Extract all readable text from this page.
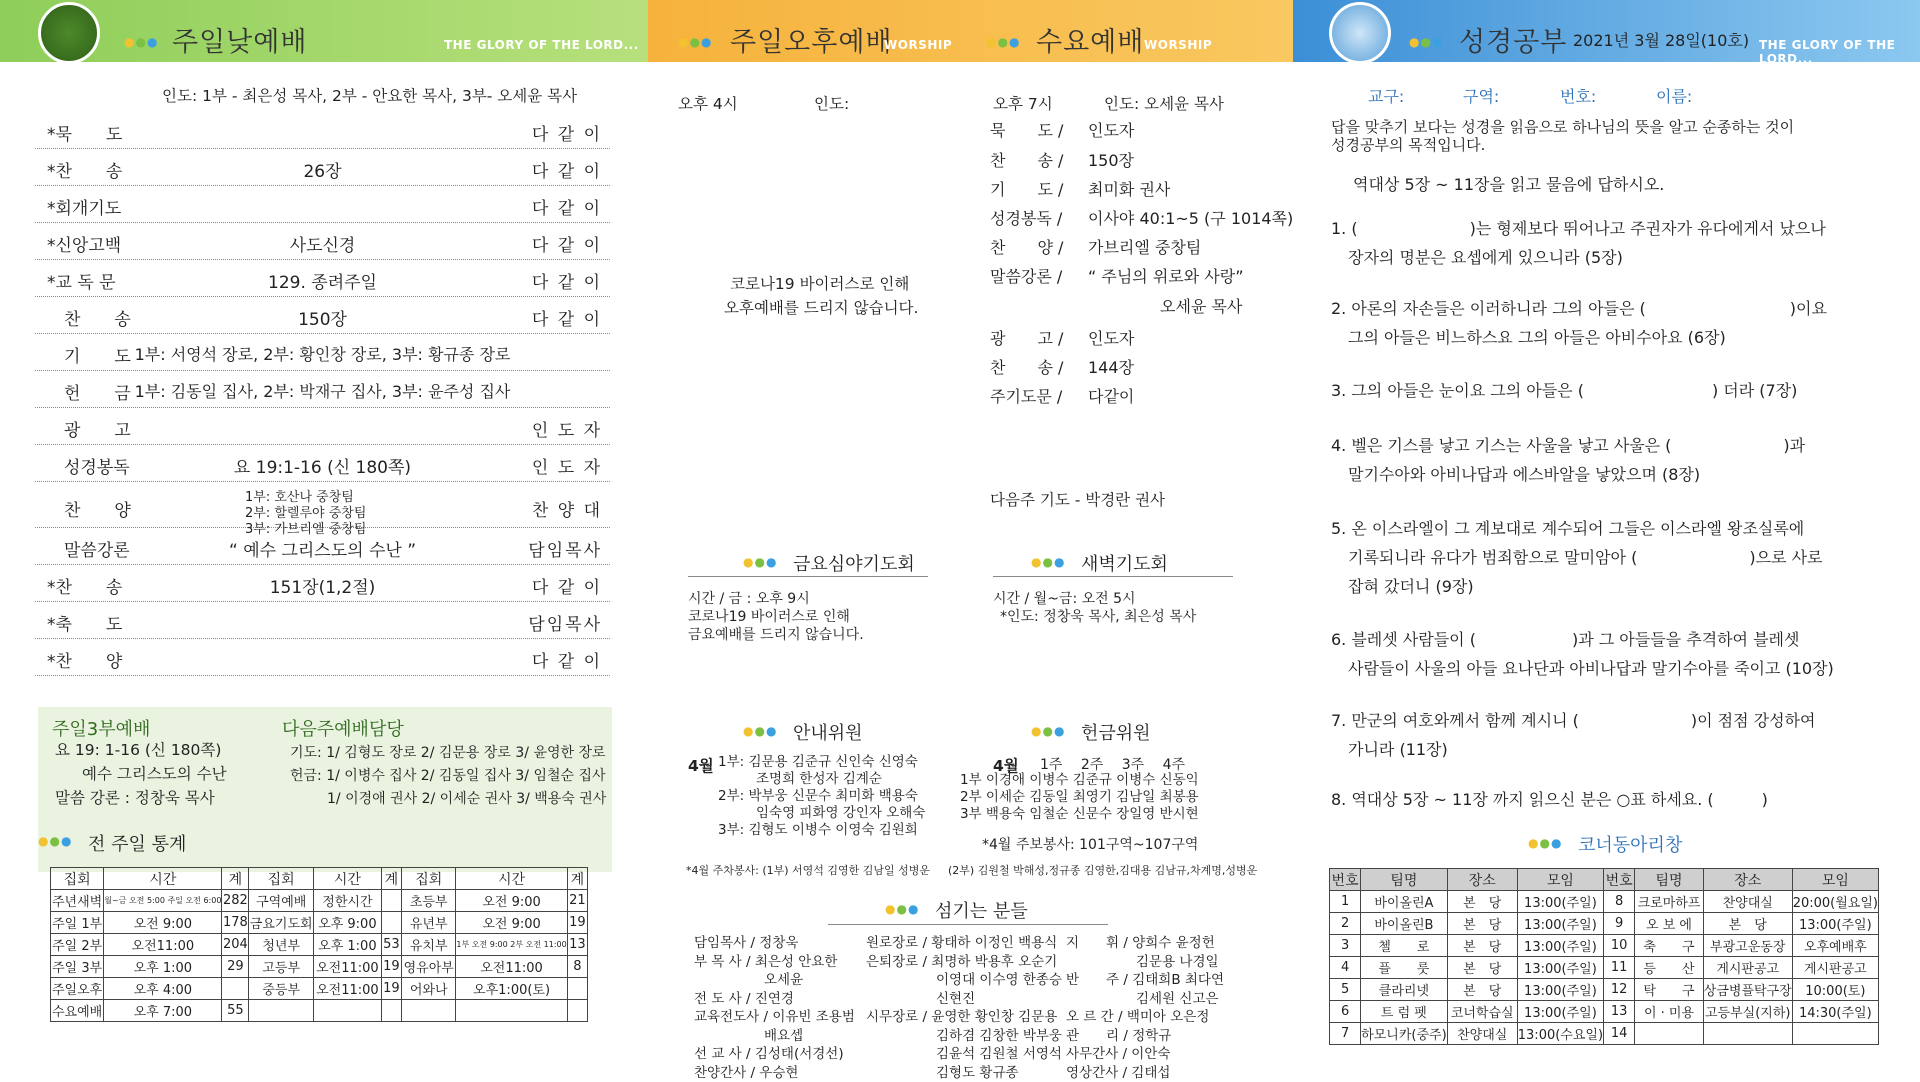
●●● 주일낮예배	THE GLORY OF THE LORD...	●●● 주일오후예배
WORSHIP	●●● 수요예배 WORSHIP	●●● 성경공부 2021년 3월 28일(10호) THE GLORY OF THE LORD...
인도: 1부 - 최은성 목사, 2부 - 안요한 목사, 3부- 오세윤 목사
*묵　　도	다 같 이
*찬　　송	26장	다 같 이
*회개기도	다 같 이
*신앙고백	사도신경	다 같 이
*교 독 문	129. 종려주일	다 같 이
　찬　　송	150장	다 같 이
　기　　도 1부: 서영석 장로, 2부: 황인창 장로, 3부: 황규종 장로
　헌　　금 1부: 김동일 집사, 2부: 박재구 집사, 3부: 윤주성 집사
　광　　고	인 도 자
　성경봉독	요 19:1-16 (신 180쪽)	인 도 자
　찬　　양	찬 양 대
　말씀강론	“ 예수 그리스도의 수난 ”	담임목사
*찬　　송	151장(1,2절)	다 같 이
*축　　도	담임목사
*찬　　양	다 같 이
1부: 호산나 중창팀
2부: 할렐루야 중창팀
3부: 가브리엘 중창팀
주일3부예배
요 19: 1-16 (신 180쪽)
예수 그리스도의 수난
말씀 강론 : 정창욱 목사
다음주예배담당
기도: 1/ 김형도 장로 2/ 김문용 장로 3/ 윤영한 장로
헌금: 1/ 이병수 집사 2/ 김동일 집사 3/ 임철순 집사
1/ 이경애 권사 2/ 이세순 권사 3/ 백용숙 권사
●●● 전 주일 통계
집회	시간	계	집회	시간	계	집회	시간	계
주년새벽	월~금 오전 5:00 주일 오전 6:00	282	구역예배	정한시간		초등부	오전 9:00	21
주일 1부	오전 9:00	178	금요기도회	오후 9:00		유년부	오전 9:00	19
주일 2부	오전11:00	204	청년부	오후 1:00	53	유치부	1부 오전 9:00 2부 오전 11:00	13
주일 3부	오후 1:00	29	고등부	오전11:00	19	영유아부	오전11:00	8
주일오후	오후 4:00		중등부	오전11:00	19	어와나	오후1:00(토)	
수요예배	오후 7:00	55						
오후 4시	인도:
코로나19 바이러스로 인해
오후예배를 드리지 않습니다.
오후 7시	인도: 오세윤 목사
묵　　도 / 인도자
찬　　송 / 150장
기　　도 / 최미화 권사
성경봉독 / 이사야 40:1~5 (구 1014쪽)
찬　　양 / 가브리엘 중창팀
말씀강론 / “ 주님의 위로와 사랑”
오세윤 목사
광　　고 / 인도자
찬　　송 / 144장
주기도문 / 다같이
다음주 기도 - 박경란 권사
●●● 금요심야기도회
시간 / 금 : 오후 9시
코로나19 바이러스로 인해
금요예배를 드리지 않습니다.
●●● 새벽기도회
시간 / 월~금: 오전 5시
*인도: 정창욱 목사, 최은성 목사
●●● 안내위원
4월 1부: 김문용 김준규 신인숙 신영숙
조명희 한성자 김계순
2부: 박부웅 신문수 최미화 백용숙
임숙영 피화영 강인자 오해숙
3부: 김형도 이병수 이영숙 김원희
*4월 주차봉사: (1부) 서영석 김영한 김남일 성병운
●●● 헌금위원
4월 1주　 2주　 3주　 4주
1부 이경애 이병수 김준규 이병수 신동익
2부 이세순 김동일 최영기 김남일 최봉용
3부 백용숙 임철순 신문수 장일영 반시현
*4월 주보봉사: 101구역~107구역
(2부) 김원철 박해성,정규종 김영한,김대용 김남규,차계명,성병운
●●● 섬기는 분들
담임목사 / 정창욱
부 목 사 / 최은성 안요한
오세윤
전 도 사 / 진연경
교육전도사 / 이유빈 조용범
배요셉
선 교 사 / 김성태(서경선)
찬양간사 / 우승현
원로장로 / 황태하 이정인 백용식
은퇴장로 / 최명하 박용후 오순기
이영대 이수영 한종승
신현진
시무장로 / 윤영한 황인창 김문용
김하겸 김창한 박부웅
김윤석 김원철 서영석
김형도 황규종
지　　휘 / 양희수 윤정헌
김문용 나경일
반　　주 / 김태희B 최다연
김세원 신고은
오 르 간 / 백미아 오은정
관　　리 / 정학규
사무간사 / 이안숙
영상간사 / 김태섭
교구:	구역:	번호:	이름:
답을 맞추기 보다는 성경을 읽음으로 하나님의 뜻을 알고 순종하는 것이
성경공부의 목적입니다.
역대상 5장 ~ 11장을 읽고 물음에 답하시오.
1. (　　　　　　　)는 형제보다 뛰어나고 주권자가 유다에게서 났으나
장자의 명분은 요셉에게 있으니라 (5장)
2. 아론의 자손들은 이러하니라 그의 아들은 (　　　　　　　　　)이요
그의 아들은 비느하스요 그의 아들은 아비수아요 (6장)
3. 그의 아들은 눈이요 그의 아들은 (　　　　　　　　) 더라 (7장)
4. 벨은 기스를 낳고 기스는 사울을 낳고 사울은 (　　　　　　　)과
말기수아와 아비나답과 에스바알을 낳았으며 (8장)
5. 온 이스라엘이 그 계보대로 계수되어 그들은 이스라엘 왕조실록에
기록되니라 유다가 범죄함으로 말미암아 (　　　　　　　)으로 사로
잡혀 갔더니 (9장)
6. 블레셋 사람들이 (　　　　　　)과 그 아들들을 추격하여 블레셋
사람들이 사울의 아들 요나단과 아비나답과 말기수아를 죽이고 (10장)
7. 만군의 여호와께서 함께 계시니 (　　　　　　　)이 점점 강성하여
가니라 (11장)
8. 역대상 5장 ~ 11장 까지 읽으신 분은 ○표 하세요. (　　　)
●●● 코너동아리창
번호	팀명	장소	모임	번호	팀명	장소	모임
1	바이올린A	본　당	13:00(주일)	8	크로마하프	찬양대실	20:00(월요일)
2	바이올린B	본　당	13:00(주일)	9	오 보 에	본　당	13:00(주일)
3	첼　　로	본　당	13:00(주일)	10	축　　구	부광고운동장	오후예배후
4	플　　룻	본　당	13:00(주일)	11	등　　산	게시판공고	게시판공고
5	클라리넷	본　당	13:00(주일)	12	탁　　구	상금병플탁구장	10:00(토)
6	트 럼 펫	코너학습실	13:00(주일)	13	이 · 미용	고등부실(지하)	14:30(주일)
7	하모니카(중주)	찬양대실	13:00(수요일)	14			
